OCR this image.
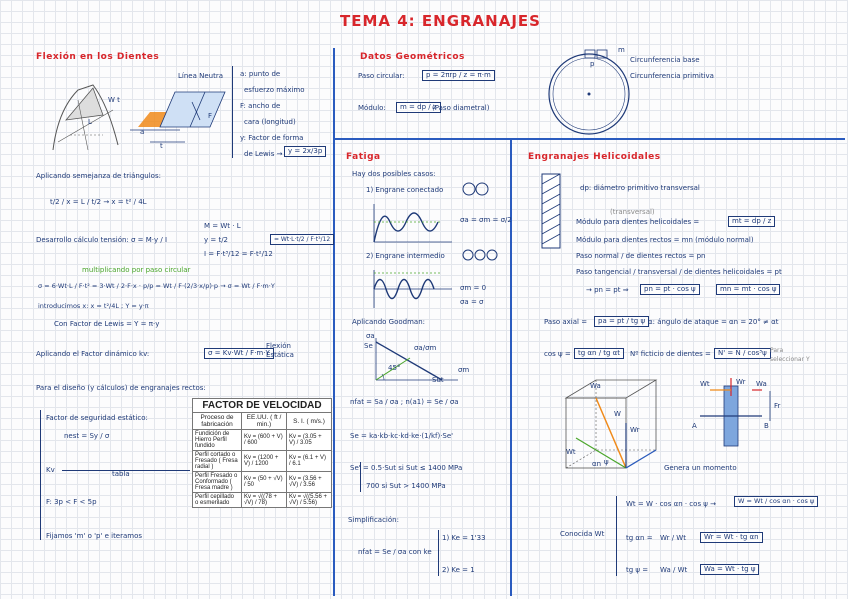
TEMA 4: ENGRANAJES
Flexión en los Dientes
W t
L
Línea Neutra
a
t
F
a: punto de
esfuerzo máximo
F: ancho de
cara (longitud)
y: Factor de forma
de Lewis → y = 2x/3p
Aplicando semejanza de triángulos:
t/2 / x = L / t/2 → x = t² / 4L
Desarrollo cálculo tensión: σ = M·y / I
M = Wt · L
y = t/2
I = F·t³/12 = F·t²/12
= Wt·L·t/2 / F·t³/12
multiplicando por paso circular
σ = 6·Wt·L / F·t² = 3·Wt / 2·F·x · p/p = Wt / F·(2/3·x/p)·p → σ = Wt / F·m·Y
introducimos x: x = t²/4L ; Y = y·π
Con Factor de Lewis = Y = π·y
Aplicando el Factor dinámico kv:	σ = Kv·Wt / F·m·Y
Flexión Estática
Para el diseño (y cálculos) de engranajes rectos:
Factor de seguridad estático:
nest = Sy / σ
Kv	tabla
F: 3p < F < 5p
Fijamos 'm' o 'p' e iteramos
FACTOR DE VELOCIDAD		
Proceso de fabricación	EE.UU. ( ft / min.)	S. I. ( m/s.)
Fundición de Hierro Perfil fundido	Kv = (600 + V) / 600	Kv = (3.05 + V) / 3.05
Perfil cortado o Fresado ( Fresa radial )	Kv = (1200 + V) / 1200	Kv = (6.1 + V) / 6.1
Perfil Fresado o Conformado ( Fresa madre )	Kv = (50 + √V) / 50	Kv = (3.56 + √V) / 3.56
Perfil cepillado o esmerilado	Kv = √((78 + √V) / 78)	Kv = √((5.56 + √V) / 5.56)
Datos Geométricos
Paso circular:	p = 2πrp / z = π·m
Módulo:	m = dp / z
(Paso diametral)
m
p	Circunferencia base
Circunferencia primitiva
Fatiga
Hay dos posibles casos:
1) Engrane conectado
σa = σm = σ/2
2) Engrane intermedio
σm = 0
σa = σ
Aplicando Goodman:
σa
Se	σa/σm
45°
Sut
σm
nfat = Sa / σa ; n(a1) = Se / σa
Se = ka·kb·kc·kd·ke·(1/kf)·Se'
Se' = 0.5·Sut si Sut ≤ 1400 MPa
700 si Sut > 1400 MPa
Simplificación:
nfat = Se / σa con ke
1) Ke = 1'33
2) Ke = 1
Engranajes Helicoidales
dp: diámetro primitivo transversal
(transversal)
Módulo para dientes helicoidales =	mt = dp / z
Módulo para dientes rectos = mn (módulo normal)
Paso normal / de dientes rectos = pn
Paso tangencial / transversal / de dientes helicoidales = pt
→ pn = pt ⇒	pn = pt · cos ψ	mn = mt · cos ψ
Paso axial =	pa = pt / tg ψ α: ángulo de ataque = αn = 20° ≠ αt
cos ψ =	tg αn / tg αt	Nº ficticio de dientes =	N' = N / cos³ψ Para seleccionar Y
Wa
Wt
Wr
W
αn ψ
Wr
Wt	Wa
Fr
A	B
Genera un momento
Wt = W · cos αn · cos ψ →	W = Wt / cos αn · cos ψ
Conocida Wt	tg αn = Wr / Wt	Wr = Wt · tg αn
tg ψ = Wa / Wt	Wa = Wt · tg ψ
